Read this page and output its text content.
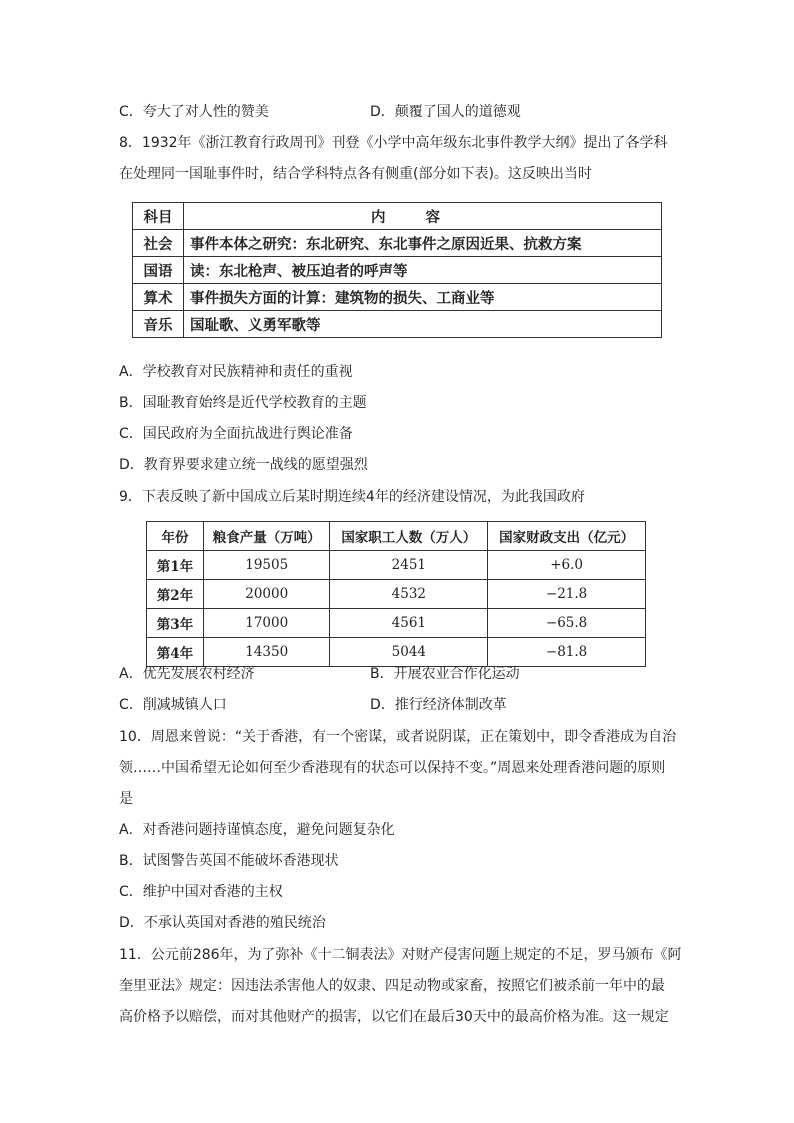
C．夸大了对人性的赞美	D．颠覆了国人的道德观
8．1932年《浙江教育行政周刊》刊登《小学中高年级东北事件教学大纲》提出了各学科
在处理同一国耻事件时，结合学科特点各有侧重(部分如下表)。这反映出当时
科目	内容
社会	事件本体之研究：东北研究、东北事件之原因近果、抗救方案
国语	读：东北枪声、被压迫者的呼声等
算术	事件损失方面的计算：建筑物的损失、工商业等
音乐	国耻歌、义勇军歌等
A．学校教育对民族精神和责任的重视
B．国耻教育始终是近代学校教育的主题
C．国民政府为全面抗战进行舆论准备
D．教育界要求建立统一战线的愿望强烈
9．下表反映了新中国成立后某时期连续4年的经济建设情况，为此我国政府
年份	粮食产量（万吨）	国家职工人数（万人）	国家财政支出（亿元）
第1年	19505	2451	+6.0
第2年	20000	4532	−21.8
第3年	17000	4561	−65.8
第4年	14350	5044	−81.8
A．优先发展农村经济	B．开展农业合作化运动
C．削减城镇人口	D．推行经济体制改革
10．周恩来曾说：“关于香港，有一个密谋，或者说阴谋，正在策划中，即令香港成为自治
领……中国希望无论如何至少香港现有的状态可以保持不变。”周恩来处理香港问题的原则
是
A．对香港问题持谨慎态度，避免问题复杂化
B．试图警告英国不能破坏香港现状
C．维护中国对香港的主权
D．不承认英国对香港的殖民统治
11．公元前286年，为了弥补《十二铜表法》对财产侵害问题上规定的不足，罗马颁布《阿
奎里亚法》规定：因违法杀害他人的奴隶、四足动物或家畜，按照它们被杀前一年中的最
高价格予以赔偿，而对其他财产的损害，以它们在最后30天中的最高价格为准。这一规定
